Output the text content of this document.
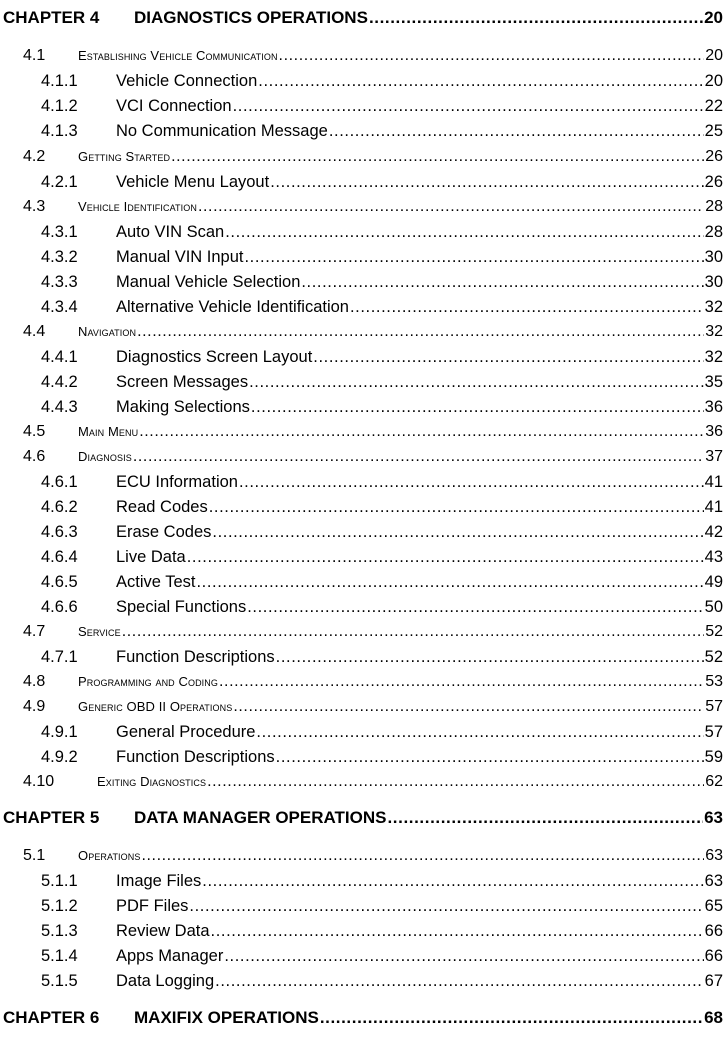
CHAPTER 4 DIAGNOSTICS OPERATIONS .....	20
4.1	Establishing Vehicle Communication .....	20
4.1.1 Vehicle Connection .....	20
4.1.2 VCI Connection .....	22
4.1.3 No Communication Message .....	25
4.2	Getting Started .....	26
4.2.1 Vehicle Menu Layout .....	26
4.3	Vehicle Identification .....	28
4.3.1 Auto VIN Scan .....	28
4.3.2 Manual VIN Input .....	30
4.3.3 Manual Vehicle Selection .....	30
4.3.4 Alternative Vehicle Identification .....	32
4.4	Navigation .....	32
4.4.1 Diagnostics Screen Layout .....	32
4.4.2 Screen Messages .....	35
4.4.3 Making Selections .....	36
4.5	Main Menu .....	36
4.6	Diagnosis .....	37
4.6.1 ECU Information .....	41
4.6.2 Read Codes .....	41
4.6.3 Erase Codes .....	42
4.6.4 Live Data .....	43
4.6.5 Active Test .....	49
4.6.6 Special Functions .....	50
4.7	Service .....	52
4.7.1 Function Descriptions .....	52
4.8	Programming and Coding .....	53
4.9	Generic OBD II Operations .....	57
4.9.1 General Procedure .....	57
4.9.2 Function Descriptions .....	59
4.10	Exiting Diagnostics .....	62
CHAPTER 5 DATA MANAGER OPERATIONS .....	63
5.1	Operations .....	63
5.1.1 Image Files .....	63
5.1.2 PDF Files .....	65
5.1.3 Review Data .....	66
5.1.4 Apps Manager .....	66
5.1.5 Data Logging .....	67
CHAPTER 6 MAXIFIX OPERATIONS .....	68
